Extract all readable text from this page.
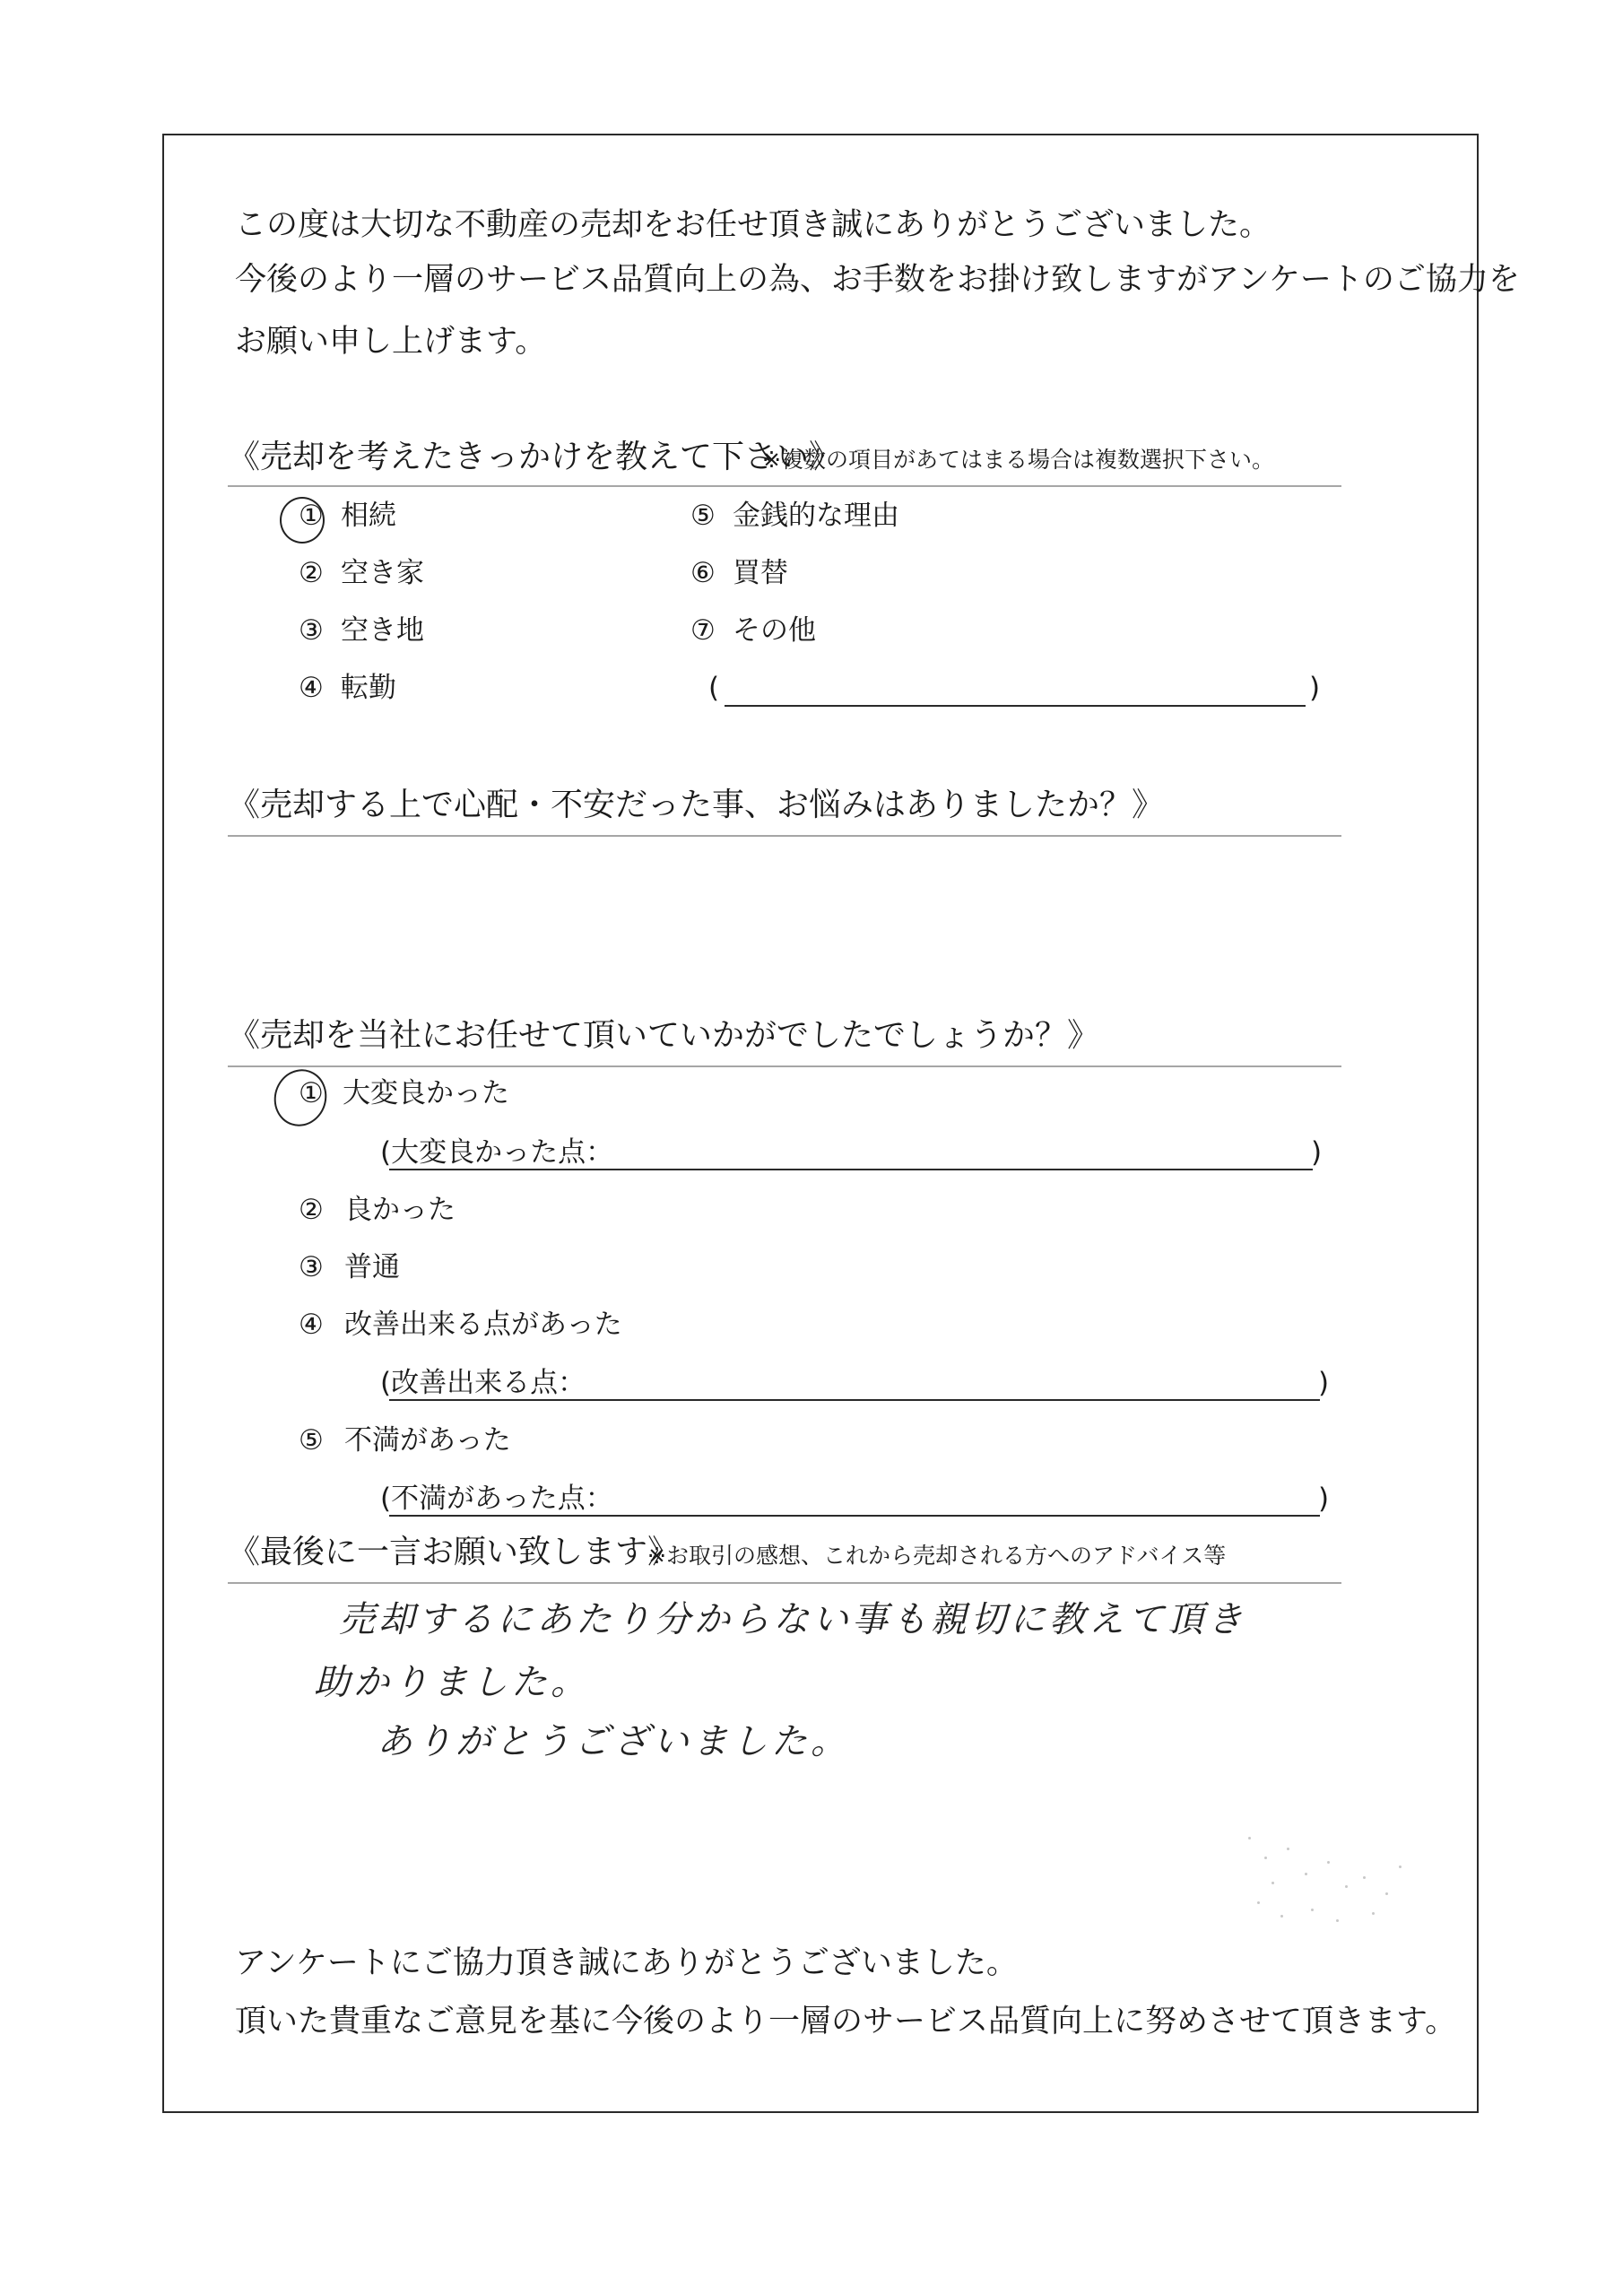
この度は大切な不動産の売却をお任せ頂き誠にありがとうございました。
今後のより一層のサービス品質向上の為、お手数をお掛け致しますがアンケートのご協力を
お願い申し上げます。
《売却を考えたきっかけを教えて下さい》
※複数の項目があてはまる場合は複数選択下さい。
① 相続
② 空き家
③ 空き地
④ 転勤
⑤ 金銭的な理由
⑥ 買替
⑦ その他
(	)
《売却する上で心配・不安だった事、お悩みはありましたか？》
《売却を当社にお任せて頂いていかがでしたでしょうか？》
① 大変良かった
(大変良かった点：	)
② 良かった
③ 普通
④ 改善出来る点があった
(改善出来る点：	)
⑤ 不満があった
(不満があった点：	)
《最後に一言お願い致します》
※お取引の感想、これから売却される方へのアドバイス等
売却するにあたり分からない事も親切に教えて頂き
助かりました。
ありがとうございました。
アンケートにご協力頂き誠にありがとうございました。
頂いた貴重なご意見を基に今後のより一層のサービス品質向上に努めさせて頂きます。
